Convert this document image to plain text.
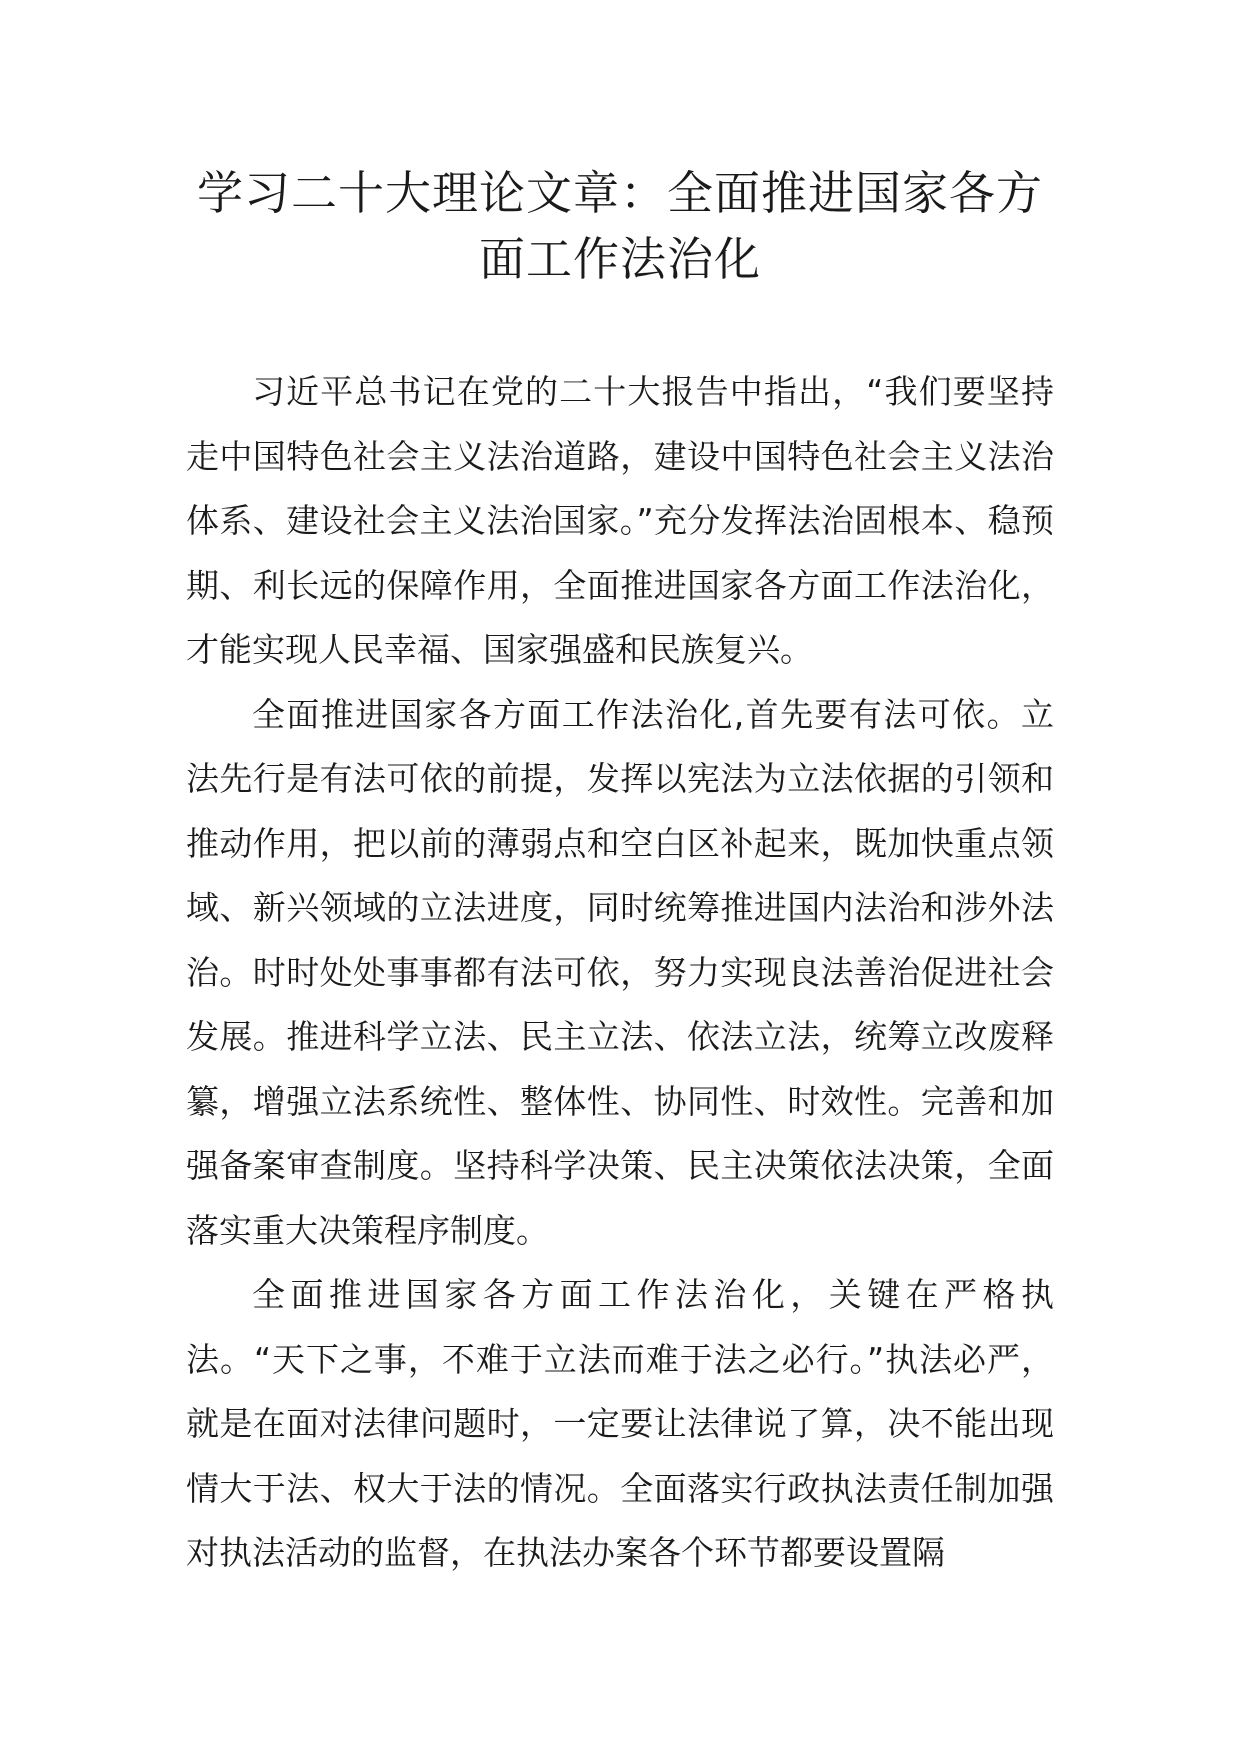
学习二十大理论文章：全面推进国家各方面工作法治化

习近平总书记在党的二十大报告中指出，“我们要坚持走中国特色社会主义法治道路，建设中国特色社会主义法治体系、建设社会主义法治国家。”充分发挥法治固根本、稳预期、利长远的保障作用，全面推进国家各方面工作法治化，才能实现人民幸福、国家强盛和民族复兴。

全面推进国家各方面工作法治化,首先要有法可依。立法先行是有法可依的前提，发挥以宪法为立法依据的引领和推动作用，把以前的薄弱点和空白区补起来，既加快重点领域、新兴领域的立法进度，同时统筹推进国内法治和涉外法治。时时处处事事都有法可依，努力实现良法善治促进社会发展。推进科学立法、民主立法、依法立法，统筹立改废释纂，增强立法系统性、整体性、协同性、时效性。完善和加强备案审查制度。坚持科学决策、民主决策依法决策，全面落实重大决策程序制度。

全面推进国家各方面工作法治化，关键在严格执法。“天下之事，不难于立法而难于法之必行。”执法必严，就是在面对法律问题时，一定要让法律说了算，决不能出现情大于法、权大于法的情况。全面落实行政执法责任制加强对执法活动的监督，在执法办案各个环节都要设置隔
